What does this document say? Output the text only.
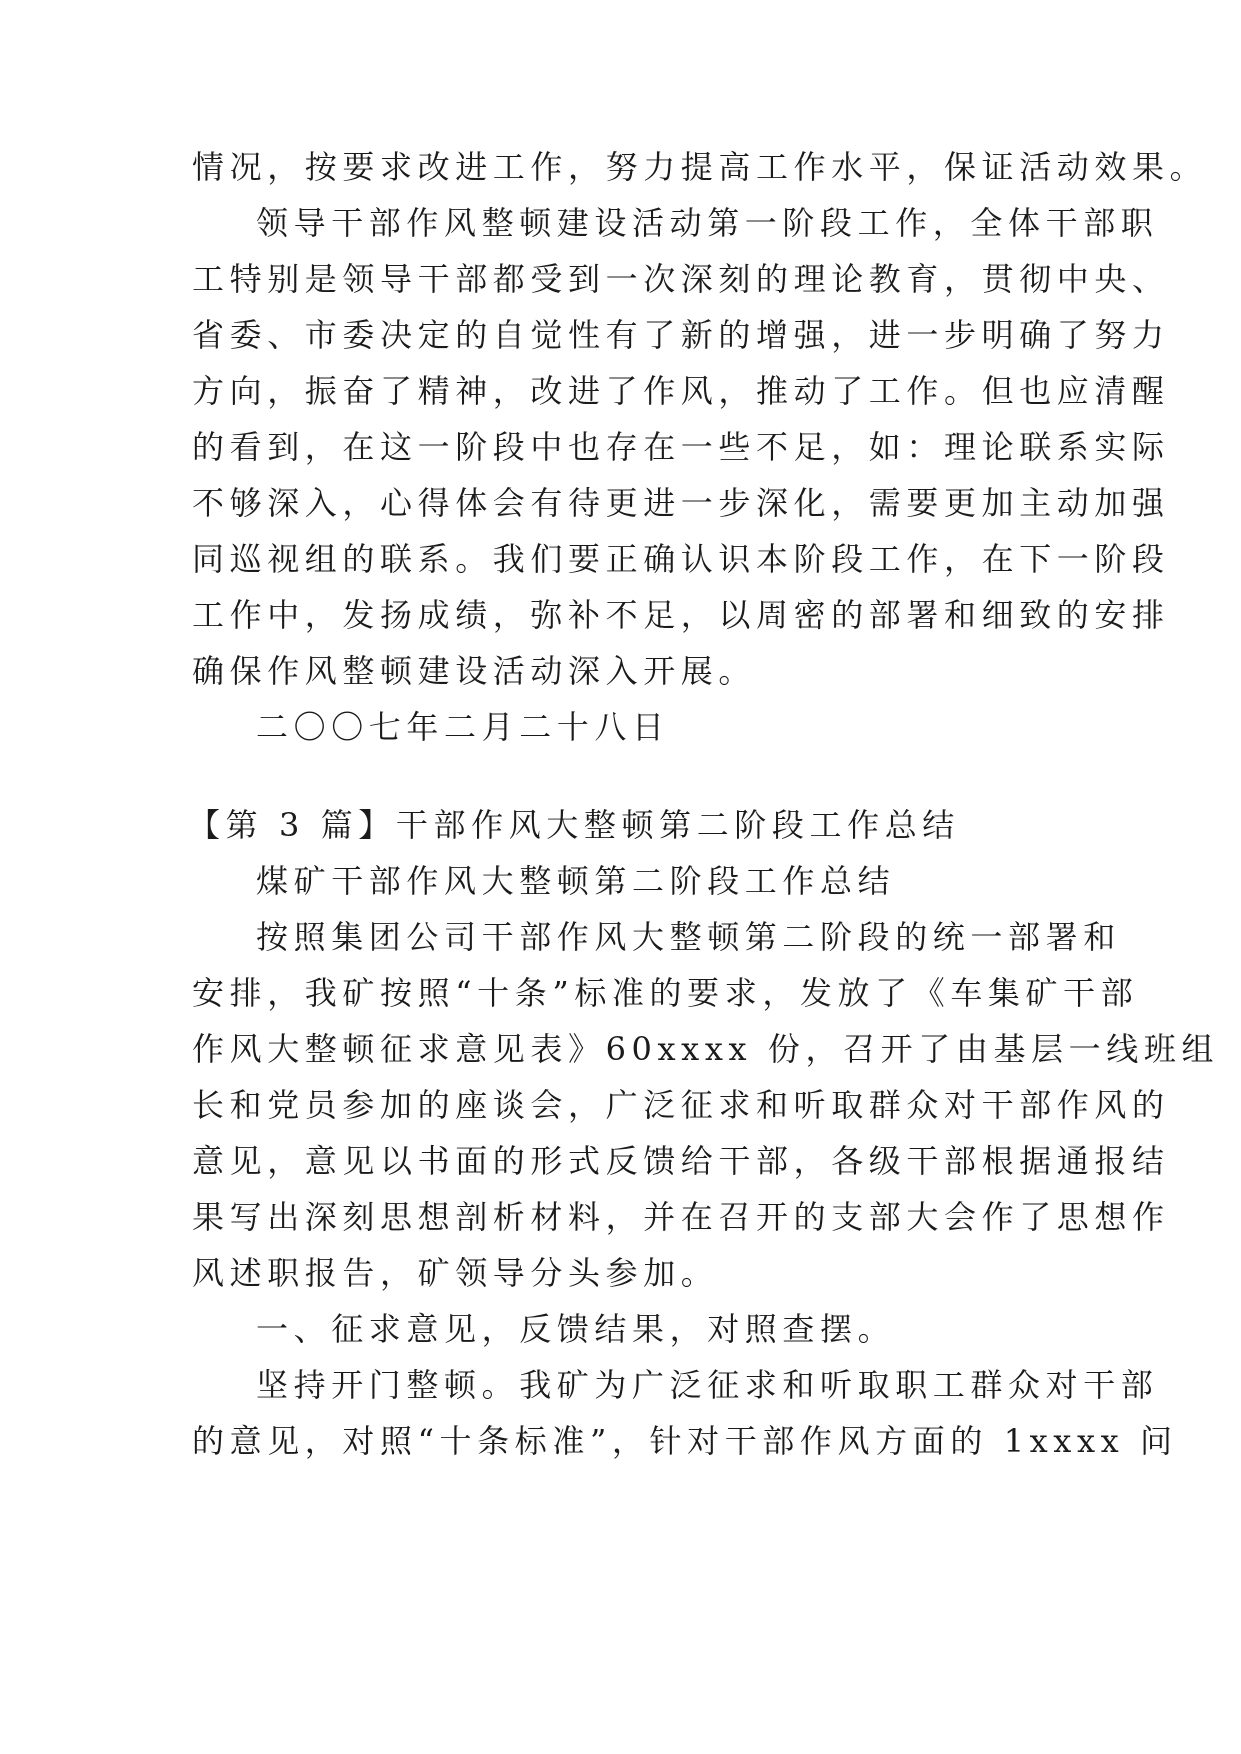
情况，按要求改进工作，努力提高工作水平，保证活动效果。

领导干部作风整顿建设活动第一阶段工作，全体干部职

工特别是领导干部都受到一次深刻的理论教育，贯彻中央、

省委、市委决定的自觉性有了新的增强，进一步明确了努力

方向，振奋了精神，改进了作风，推动了工作。但也应清醒

的看到，在这一阶段中也存在一些不足，如：理论联系实际

不够深入，心得体会有待更进一步深化，需要更加主动加强

同巡视组的联系。我们要正确认识本阶段工作，在下一阶段

工作中，发扬成绩，弥补不足，以周密的部署和细致的安排

确保作风整顿建设活动深入开展。

二〇〇七年二月二十八日

【第 3 篇】干部作风大整顿第二阶段工作总结

煤矿干部作风大整顿第二阶段工作总结

按照集团公司干部作风大整顿第二阶段的统一部署和

安排，我矿按照“十条”标准的要求，发放了《车集矿干部

作风大整顿征求意见表》60xxxx 份，召开了由基层一线班组

长和党员参加的座谈会，广泛征求和听取群众对干部作风的

意见，意见以书面的形式反馈给干部，各级干部根据通报结

果写出深刻思想剖析材料，并在召开的支部大会作了思想作

风述职报告，矿领导分头参加。

一、征求意见，反馈结果，对照查摆。

坚持开门整顿。我矿为广泛征求和听取职工群众对干部

的意见，对照“十条标准”，针对干部作风方面的 1xxxx 问
